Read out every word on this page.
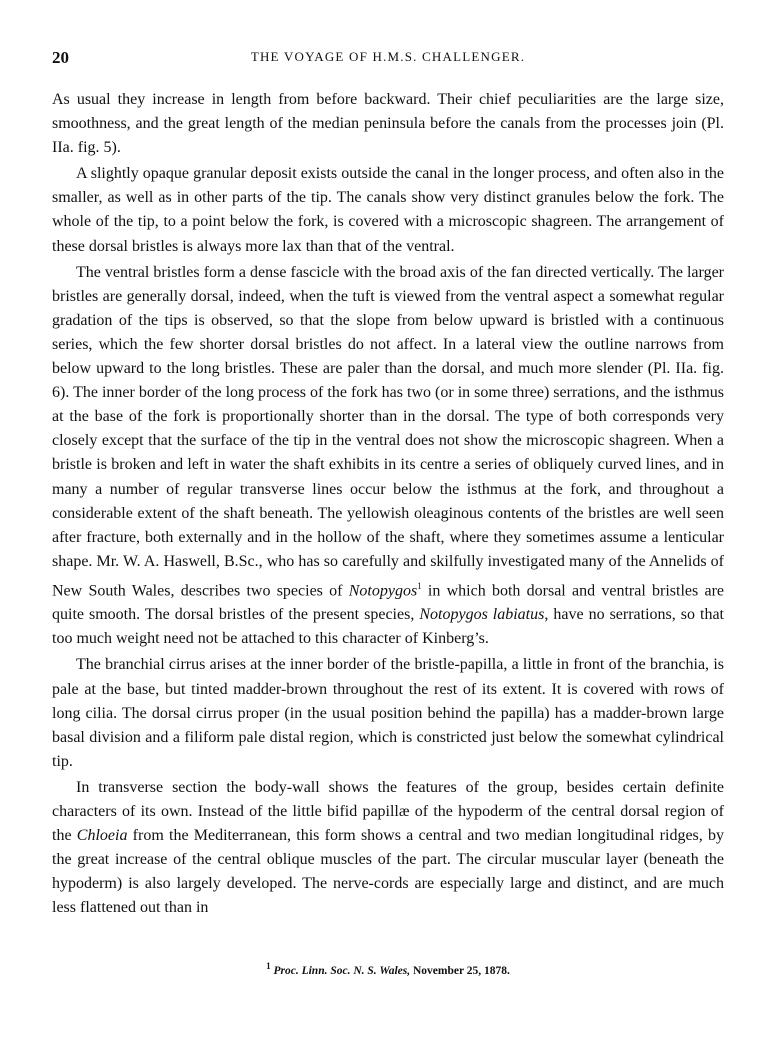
20	THE VOYAGE OF H.M.S. CHALLENGER.

As usual they increase in length from before backward. Their chief peculiarities are the large size, smoothness, and the great length of the median peninsula before the canals from the processes join (Pl. IIa. fig. 5).

A slightly opaque granular deposit exists outside the canal in the longer process, and often also in the smaller, as well as in other parts of the tip. The canals show very distinct granules below the fork. The whole of the tip, to a point below the fork, is covered with a microscopic shagreen. The arrangement of these dorsal bristles is always more lax than that of the ventral.

The ventral bristles form a dense fascicle with the broad axis of the fan directed vertically. The larger bristles are generally dorsal, indeed, when the tuft is viewed from the ventral aspect a somewhat regular gradation of the tips is observed, so that the slope from below upward is bristled with a continuous series, which the few shorter dorsal bristles do not affect. In a lateral view the outline narrows from below upward to the long bristles. These are paler than the dorsal, and much more slender (Pl. IIa. fig. 6). The inner border of the long process of the fork has two (or in some three) serrations, and the isthmus at the base of the fork is proportionally shorter than in the dorsal. The type of both corresponds very closely except that the surface of the tip in the ventral does not show the microscopic shagreen. When a bristle is broken and left in water the shaft exhibits in its centre a series of obliquely curved lines, and in many a number of regular transverse lines occur below the isthmus at the fork, and throughout a considerable extent of the shaft beneath. The yellowish oleaginous contents of the bristles are well seen after fracture, both externally and in the hollow of the shaft, where they sometimes assume a lenticular shape. Mr. W. A. Haswell, B.Sc., who has so carefully and skilfully investigated many of the Annelids of New South Wales, describes two species of Notopygos$^1$ in which both dorsal and ventral bristles are quite smooth. The dorsal bristles of the present species, Notopygos labiatus, have no serrations, so that too much weight need not be attached to this character of Kinberg’s.

The branchial cirrus arises at the inner border of the bristle-papilla, a little in front of the branchia, is pale at the base, but tinted madder-brown throughout the rest of its extent. It is covered with rows of long cilia. The dorsal cirrus proper (in the usual position behind the papilla) has a madder-brown large basal division and a filiform pale distal region, which is constricted just below the somewhat cylindrical tip.

In transverse section the body-wall shows the features of the group, besides certain definite characters of its own. Instead of the little bifid papillæ of the hypoderm of the central dorsal region of the Chloeia from the Mediterranean, this form shows a central and two median longitudinal ridges, by the great increase of the central oblique muscles of the part. The circular muscular layer (beneath the hypoderm) is also largely developed. The nerve-cords are especially large and distinct, and are much less flattened out than in

$^1$ Proc. Linn. Soc. N. S. Wales, November 25, 1878.
